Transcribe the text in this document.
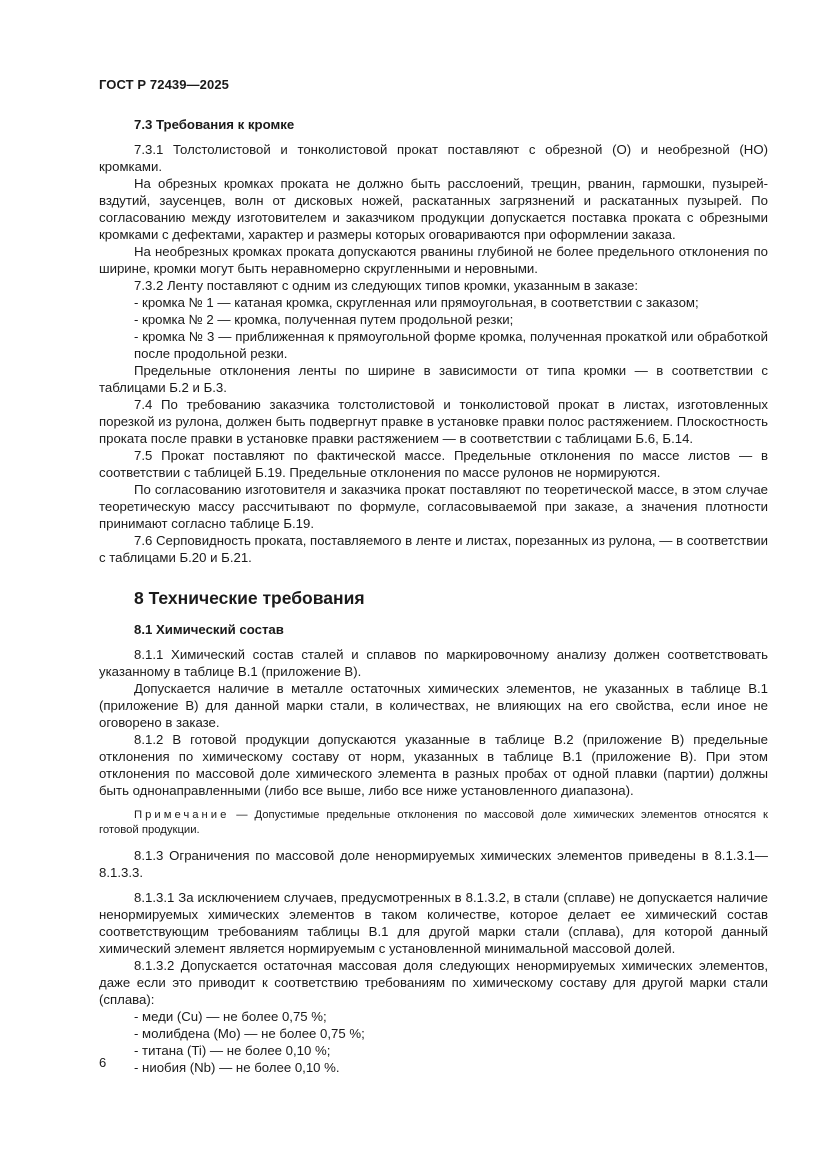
ГОСТ Р 72439—2025
7.3 Требования к кромке

7.3.1 Толстолистовой и тонколистовой прокат поставляют с обрезной (О) и необрезной (НО) кромками.

На обрезных кромках проката не должно быть расслоений, трещин, рванин, гармошки, пузырей-вздутий, заусенцев, волн от дисковых ножей, раскатанных загрязнений и раскатанных пузырей. По согласованию между изготовителем и заказчиком продукции допускается поставка проката с обрезными кромками с дефектами, характер и размеры которых оговариваются при оформлении заказа.

На необрезных кромках проката допускаются рванины глубиной не более предельного отклонения по ширине, кромки могут быть неравномерно скругленными и неровными.

7.3.2 Ленту поставляют с одним из следующих типов кромки, указанным в заказе:

- кромка № 1 — катаная кромка, скругленная или прямоугольная, в соответствии с заказом;
- кромка № 2 — кромка, полученная путем продольной резки;
- кромка № 3 — приближенная к прямоугольной форме кромка, полученная прокаткой или обработкой после продольной резки.

Предельные отклонения ленты по ширине в зависимости от типа кромки — в соответствии с таблицами Б.2 и Б.3.

7.4 По требованию заказчика толстолистовой и тонколистовой прокат в листах, изготовленных порезкой из рулона, должен быть подвергнут правке в установке правки полос растяжением. Плоскостность проката после правки в установке правки растяжением — в соответствии с таблицами Б.6, Б.14.

7.5 Прокат поставляют по фактической массе. Предельные отклонения по массе листов — в соответствии с таблицей Б.19. Предельные отклонения по массе рулонов не нормируются.

По согласованию изготовителя и заказчика прокат поставляют по теоретической массе, в этом случае теоретическую массу рассчитывают по формуле, согласовываемой при заказе, а значения плотности принимают согласно таблице Б.19.

7.6 Серповидность проката, поставляемого в ленте и листах, порезанных из рулона, — в соответствии с таблицами Б.20 и Б.21.

8 Технические требования
8.1 Химический состав

8.1.1 Химический состав сталей и сплавов по маркировочному анализу должен соответствовать указанному в таблице В.1 (приложение В).

Допускается наличие в металле остаточных химических элементов, не указанных в таблице В.1 (приложение В) для данной марки стали, в количествах, не влияющих на его свойства, если иное не оговорено в заказе.

8.1.2 В готовой продукции допускаются указанные в таблице В.2 (приложение В) предельные отклонения по химическому составу от норм, указанных в таблице В.1 (приложение В). При этом отклонения по массовой доле химического элемента в разных пробах от одной плавки (партии) должны быть однонаправленными (либо все выше, либо все ниже установленного диапазона).

Примечание — Допустимые предельные отклонения по массовой доле химических элементов относятся к готовой продукции.

8.1.3 Ограничения по массовой доле ненормируемых химических элементов приведены в 8.1.3.1—8.1.3.3.

8.1.3.1 За исключением случаев, предусмотренных в 8.1.3.2, в стали (сплаве) не допускается наличие ненормируемых химических элементов в таком количестве, которое делает ее химический состав соответствующим требованиям таблицы В.1 для другой марки стали (сплава), для которой данный химический элемент является нормируемым с установленной минимальной массовой долей.

8.1.3.2 Допускается остаточная массовая доля следующих ненормируемых химических элементов, даже если это приводит к соответствию требованиям по химическому составу для другой марки стали (сплава):

- меди (Cu) — не более 0,75 %;
- молибдена (Mo) — не более 0,75 %;
- титана (Ti) — не более 0,10 %;
- ниобия (Nb) — не более 0,10 %.
6
